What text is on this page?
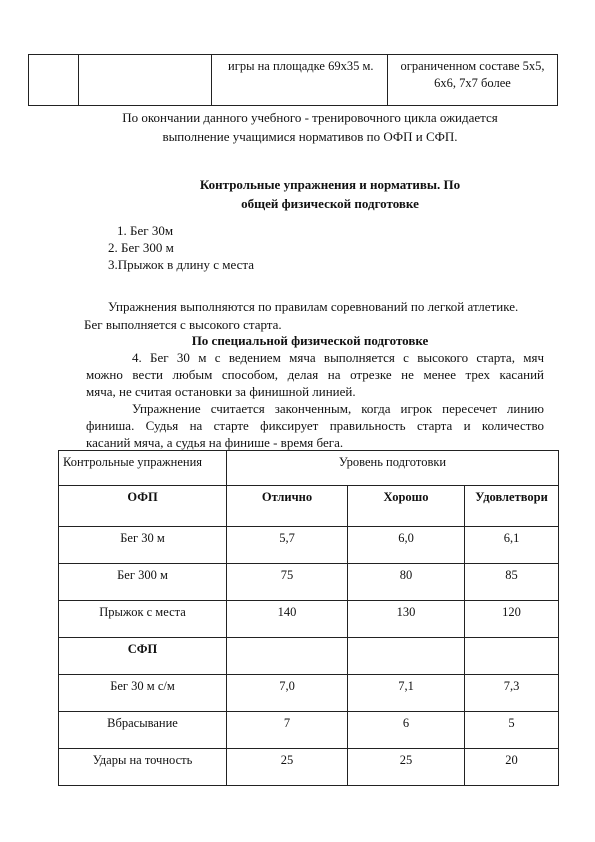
		игры на площадке 69х35 м.	ограниченном составе 5х5, 6х6, 7х7 более
По окончании данного учебного - тренировочного цикла ожидается
выполнение учащимися нормативов по ОФП и СФП.
Контрольные упражнения и нормативы. По
общей физической подготовке
1. Бег 30м
2. Бег 300 м
3.Прыжок в длину с места
Упражнения выполняются по правилам соревнований по легкой атлетике.
Бег выполняется с высокого старта.
По специальной физической подготовке
4. Бег 30 м с ведением мяча выполняется с высокого старта, мяч
можно вести любым способом, делая на отрезке не менее трех касаний
мяча, не считая остановки за финишной линией.
Упражнение считается законченным, когда игрок пересечет линию
финиша. Судья на старте фиксирует правильность старта и количество
касаний мяча, а судья на финише - время бега.
Контрольные упражнения	Уровень подготовки		
ОФП	Отлично	Хорошо	Удовлетвори
Бег 30 м	5,7	6,0	6,1
Бег 300 м	75	80	85
Прыжок с места	140	130	120
СФП			
Бег 30 м с/м	7,0	7,1	7,3
Вбрасывание	7	6	5
Удары на точность	25	25	20
